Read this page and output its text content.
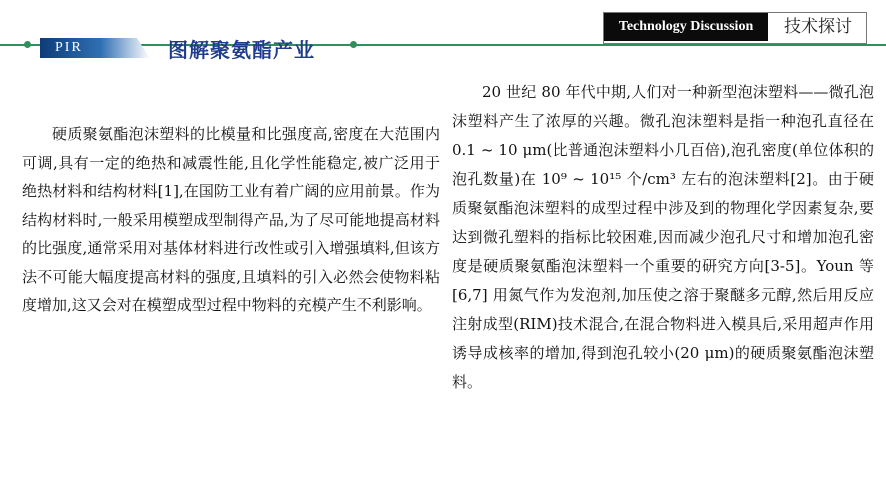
PIR	图解聚氨酯产业
Technology Discussion	技术探讨
硬质聚氨酯泡沫塑料的比模量和比强度高,密度在大范围内可调,具有一定的绝热和减震性能,且化学性能稳定,被广泛用于绝热材料和结构材料[1],在国防工业有着广阔的应用前景。作为结构材料时,一般采用模塑成型制得产品,为了尽可能地提高材料的比强度,通常采用对基体材料进行改性或引入增强填料,但该方法不可能大幅度提高材料的强度,且填料的引入必然会使物料粘度增加,这又会对在模塑成型过程中物料的充模产生不利影响。
20 世纪 80 年代中期,人们对一种新型泡沫塑料——微孔泡沫塑料产生了浓厚的兴趣。微孔泡沫塑料是指一种泡孔直径在 0.1 ~ 10 μm(比普通泡沫塑料小几百倍),泡孔密度(单位体积的泡孔数量)在 10⁹ ~ 10¹⁵ 个/cm³ 左右的泡沫塑料[2]。由于硬质聚氨酯泡沫塑料的成型过程中涉及到的物理化学因素复杂,要达到微孔塑料的指标比较困难,因而减少泡孔尺寸和增加泡孔密度是硬质聚氨酯泡沫塑料一个重要的研究方向[3-5]。Youn 等[6,7] 用氮气作为发泡剂,加压使之溶于聚醚多元醇,然后用反应注射成型(RIM)技术混合,在混合物料进入模具后,采用超声作用诱导成核率的增加,得到泡孔较小(20 μm)的硬质聚氨酯泡沫塑料。
